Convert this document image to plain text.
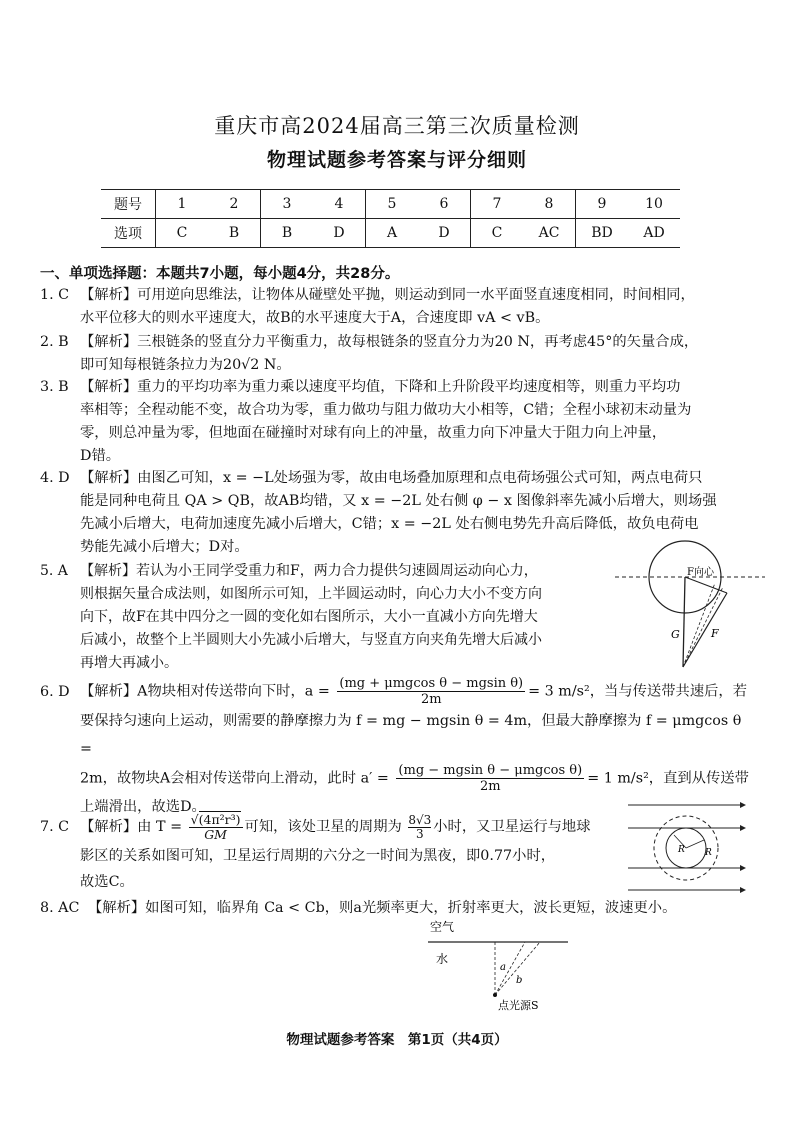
重庆市高2024届高三第三次质量检测
物理试题参考答案与评分细则
题号	1	2	3	4	5	6	7	8	9	10
选项	C	B	B	D	A	D	C	AC	BD	AD
一、单项选择题：本题共7小题，每小题4分，共28分。

1. C 【解析】可用逆向思维法，让物体从碰壁处平抛，则运动到同一水平面竖直速度相同，时间相同，

水平位移大的则水平速度大，故B的水平速度大于A，合速度即 vA < vB。

2. B 【解析】三根链条的竖直分力平衡重力，故每根链条的竖直分力为20 N，再考虑45°的矢量合成，

即可知每根链条拉力为20√2 N。

3. B 【解析】重力的平均功率为重力乘以速度平均值，下降和上升阶段平均速度相等，则重力平均功

率相等；全程动能不变，故合功为零，重力做功与阻力做功大小相等，C错；全程小球初末动量为

零，则总冲量为零，但地面在碰撞时对球有向上的冲量，故重力向下冲量大于阻力向上冲量，

D错。

4. D 【解析】由图乙可知，x = −L处场强为零，故由电场叠加原理和点电荷场强公式可知，两点电荷只

能是同种电荷且 QA > QB，故AB均错，又 x = −2L 处右侧 φ − x 图像斜率先减小后增大，则场强

先减小后增大，电荷加速度先减小后增大，C错；x = −2L 处右侧电势先升高后降低，故负电荷电

势能先减小后增大；D对。

5. A 【解析】若认为小王同学受重力和F，两力合力提供匀速圆周运动向心力，

则根据矢量合成法则，如图所示可知，上半圆运动时，向心力大小不变方向

向下，故F在其中四分之一圆的变化如右图所示，大小一直减小方向先增大

后减小，故整个上半圆则大小先减小后增大，与竖直方向夹角先增大后减小

再增大再减小。

F向心
G	F

6. D 【解析】A物块相对传送带向下时，a = (mg + μmgcos θ − mgsin θ)
2m	= 3 m/s²，当与传送带共速后，若

要保持匀速向上运动，则需要的静摩擦力为 f = mg − mgsin θ = 4m，但最大静摩擦为 f = μmgcos θ =

2m，故物块A会相对传送带向上滑动，此时 a′ = (mg − mgsin θ − μmgcos θ)
2m	= 1 m/s²，直到从传送带

上端滑出，故选D。

7. C 【解析】由 $T = \frac{\text{√(4π²r³)}}{GM}$ 可知，该处卫星的周期为 $\frac{8√3}{3}$ 小时，又卫星运行与地球

影区的关系如图可知，卫星运行周期的六分之一时间为黑夜，即0.77小时，

故选C。

R R

8. AC 【解析】如图可知，临界角 Ca < Cb，则a光频率更大，折射率更大，波长更短，波速更小。

空气
水
a
b
点光源S
物理试题参考答案　第1页（共4页）
